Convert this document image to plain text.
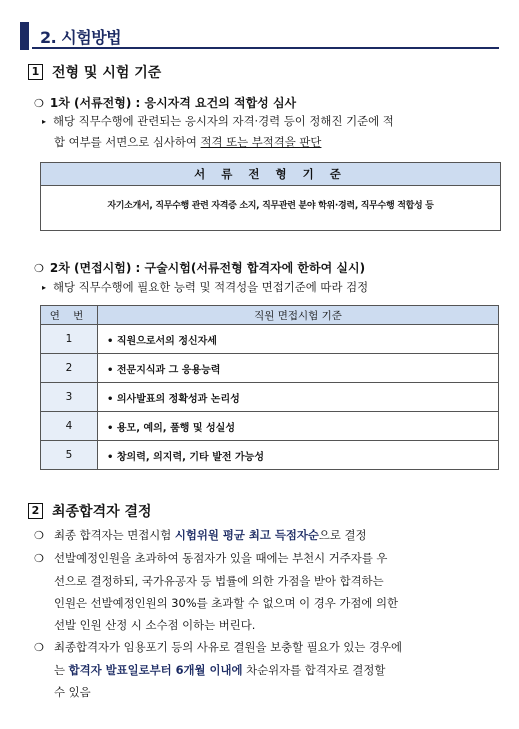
2. 시험방법
1 전형 및 시험 기준
❍ 1차 (서류전형) : 응시자격 요건의 적합성 심사
▸ 해당 직무수행에 관련되는 응시자의 자격·경력 등이 정해진 기준에 적
합 여부를 서면으로 심사하여 적격 또는 부적격을 판단
서 류 전 형 기 준
자기소개서, 직무수행 관련 자격증 소지, 직무관련 분야 학위·경력, 직무수행 적합성 등
❍ 2차 (면접시험) : 구술시험(서류전형 합격자에 한하여 실시)
▸ 해당 직무수행에 필요한 능력 및 적격성을 면접기준에 따라 검정
연 번	직원 면접시험 기준
1	• 직원으로서의 정신자세
2	• 전문지식과 그 응용능력
3	• 의사발표의 정확성과 논리성
4	• 용모, 예의, 품행 및 성실성
5	• 창의력, 의지력, 기타 발전 가능성
2 최종합격자 결정
❍ 최종 합격자는 면접시험 시험위원 평균 최고 득점자순으로 결정
❍ 선발예정인원을 초과하여 동점자가 있을 때에는 부천시 거주자를 우
선으로 결정하되, 국가유공자 등 법률에 의한 가점을 받아 합격하는
인원은 선발예정인원의 30%를 초과할 수 없으며 이 경우 가점에 의한
선발 인원 산정 시 소수점 이하는 버린다.
❍ 최종합격자가 임용포기 등의 사유로 결원을 보충할 필요가 있는 경우에
는 합격자 발표일로부터 6개월 이내에 차순위자를 합격자로 결정할
수 있음
